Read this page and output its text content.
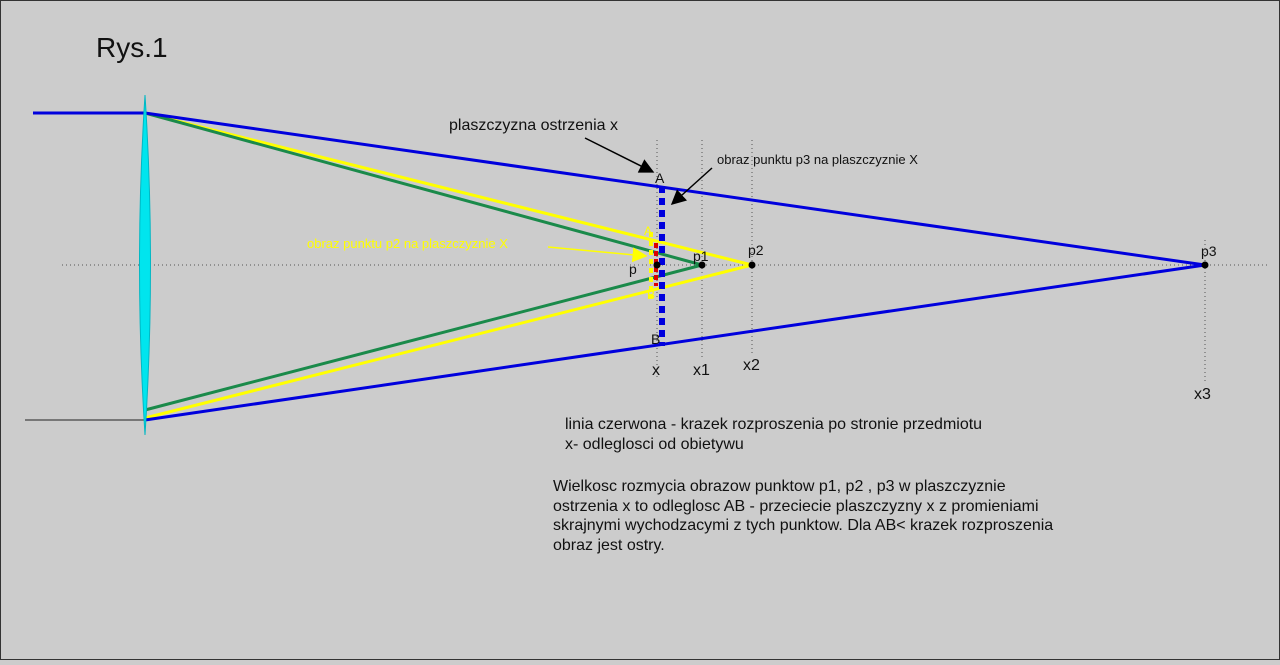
Rys.1
plaszczyzna ostrzenia x
obraz punktu p3 na plaszczyznie X
obraz punktu p2 na plaszczyznie X
A
B
p
p1	p2	p3
A
B
x x1 x2
x3
linia czerwona - krazek rozproszenia po stronie przedmiotu
x- odleglosci od obietywu
Wielkosc rozmycia obrazow punktow p1, p2 , p3 w plaszczyznie
ostrzenia x to odleglosc AB - przeciecie plaszczyzny x z promieniami
skrajnymi wychodzacymi z tych punktow. Dla AB< krazek rozproszenia
obraz jest ostry.
